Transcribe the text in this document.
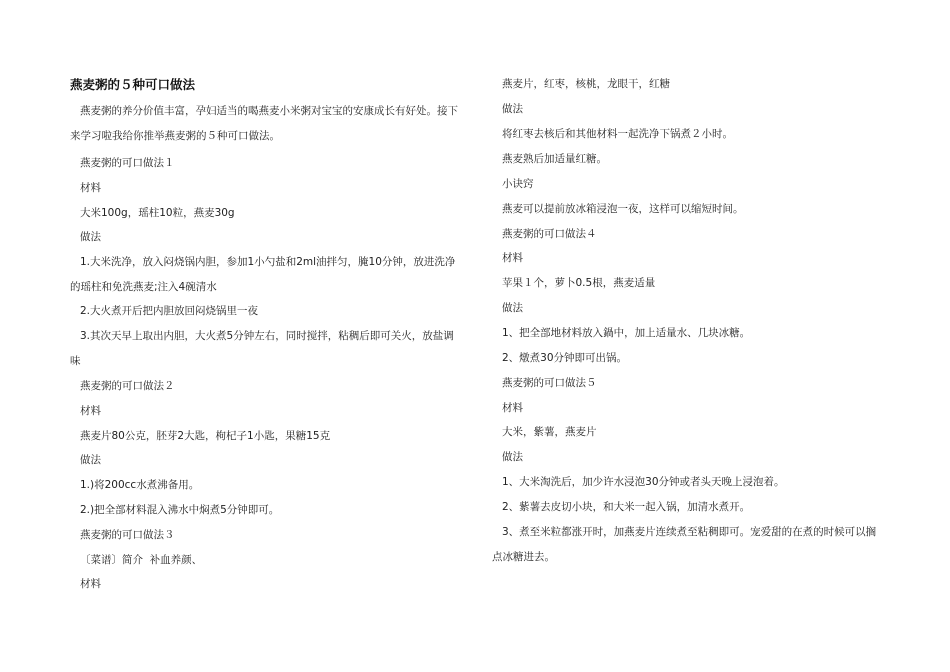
燕麦粥的５种可口做法
燕麦粥的养分价值丰富，孕妇适当的喝燕麦小米粥对宝宝的安康成长有好处。接下来学习啦我给你推举燕麦粥的５种可口做法。
燕麦粥的可口做法１
材料
大米100g，瑶柱10粒，燕麦30g
做法
1.大米洗净，放入闷烧锅内胆，参加1小勺盐和2ml油拌匀，腌10分钟，放进洗净的瑶柱和免洗燕麦;注入4碗清水
2.大火煮开后把内胆放回闷烧锅里一夜
3.其次天早上取出内胆，大火煮5分钟左右，同时搅拌，粘稠后即可关火，放盐调味
燕麦粥的可口做法２
材料
燕麦片80公克，胚芽2大匙，枸杞子1小匙，果糖15克
做法
1.)将200cc水煮沸备用。
2.)把全部材料混入沸水中焖煮5分钟即可。
燕麦粥的可口做法３
〔菜谱〕简介  补血养颜、
材料
燕麦片，红枣，核桃，龙眼干，红糖
做法
将红枣去核后和其他材料一起洗净下锅煮２小时。
燕麦熟后加适量红糖。
小诀窍
燕麦可以提前放冰箱浸泡一夜，这样可以缩短时间。
燕麦粥的可口做法４
材料
苹果１个，萝卜0.5根，燕麦适量
做法
1、把全部地材料放入鍋中，加上适量水、几块冰糖。
2、燉煮30分钟即可出锅。
燕麦粥的可口做法５
材料
大米，紫薯，燕麦片
做法
1、大米淘洗后，加少许水浸泡30分钟或者头天晚上浸泡着。
2、紫薯去皮切小块，和大米一起入锅，加清水煮开。
3、煮至米粒都涨开时，加燕麦片连续煮至粘稠即可。宠爱甜的在煮的时候可以搁点冰糖进去。
